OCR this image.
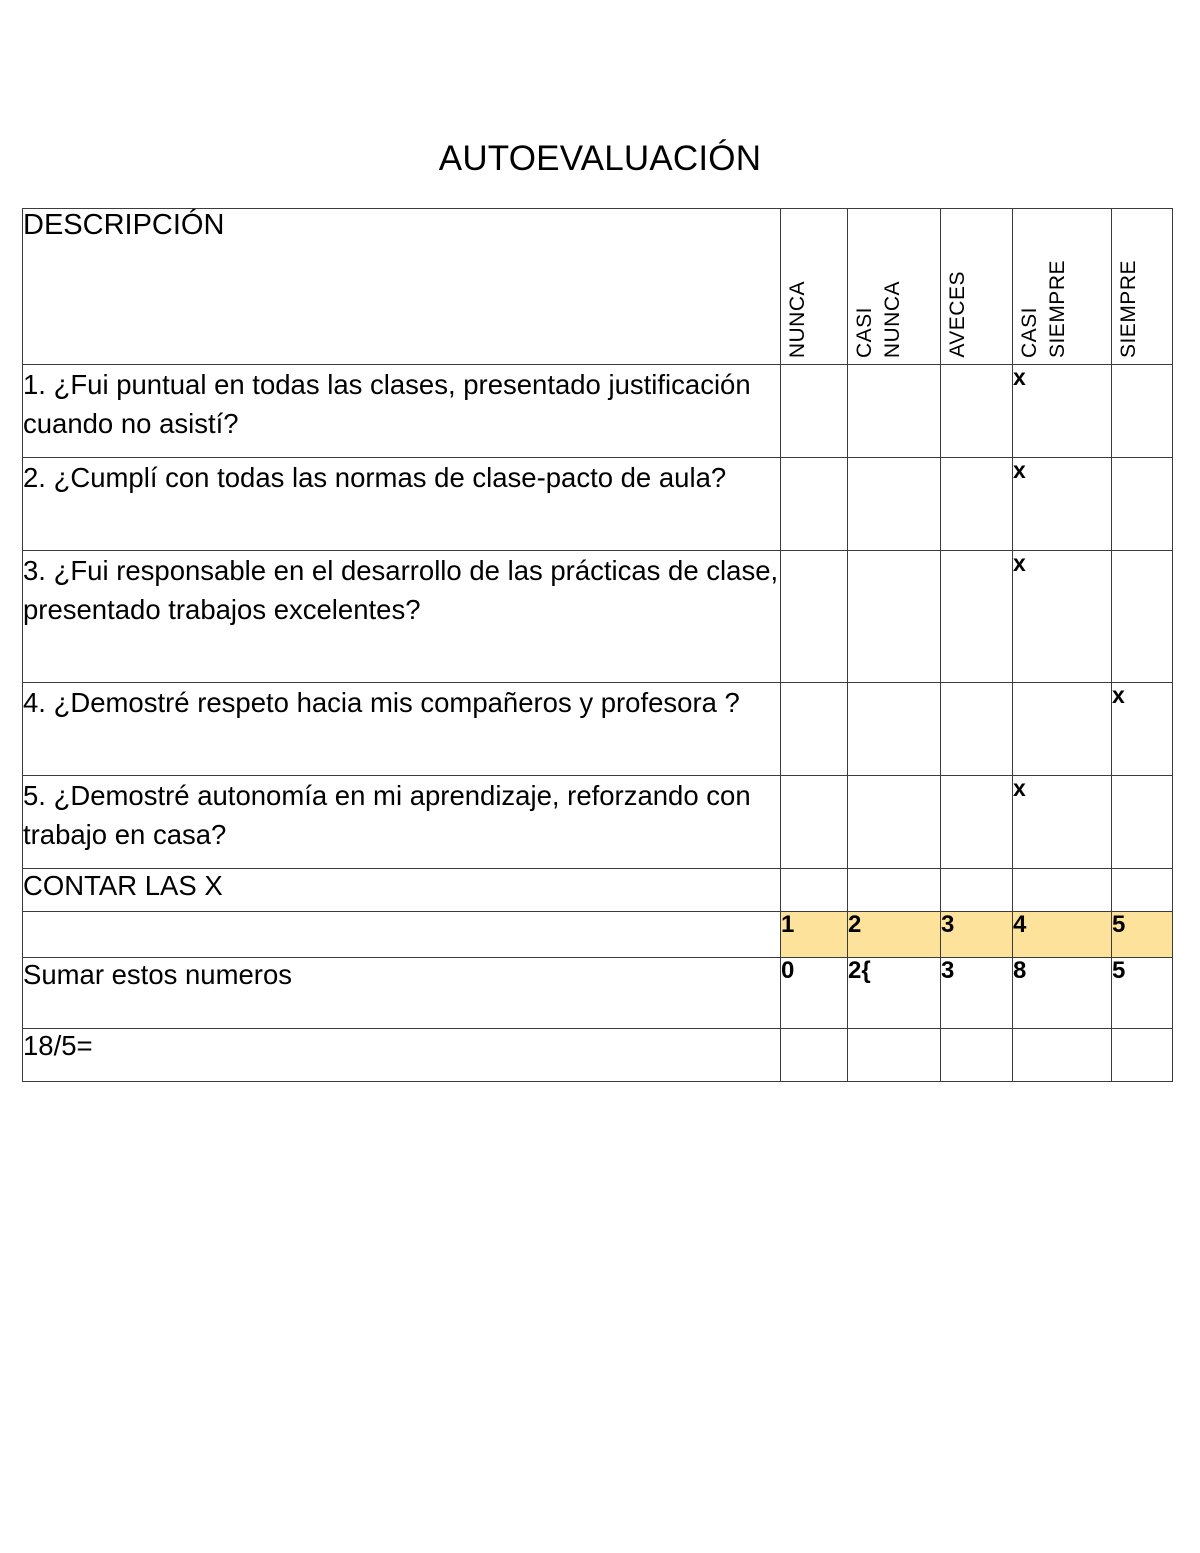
AUTOEVALUACIÓN
DESCRIPCIÓN	NUNCA	CASI NUNCA	AVECES	CASI SIEMPRE	SIEMPRE

1. ¿Fui puntual en todas las clases, presentado justificación cuando no asistí?				x	
2. ¿Cumplí con todas las normas de clase-pacto de aula?				x	
3. ¿Fui responsable en el desarrollo de las prácticas de clase, presentado trabajos excelentes?				x	
4. ¿Demostré respeto hacia mis compañeros y profesora ?					x
5. ¿Demostré autonomía en mi aprendizaje, reforzando con trabajo en casa?				x	
CONTAR LAS X					
	1	2	3	4	5
Sumar estos numeros	0	2{	3	8	5
18/5=					
